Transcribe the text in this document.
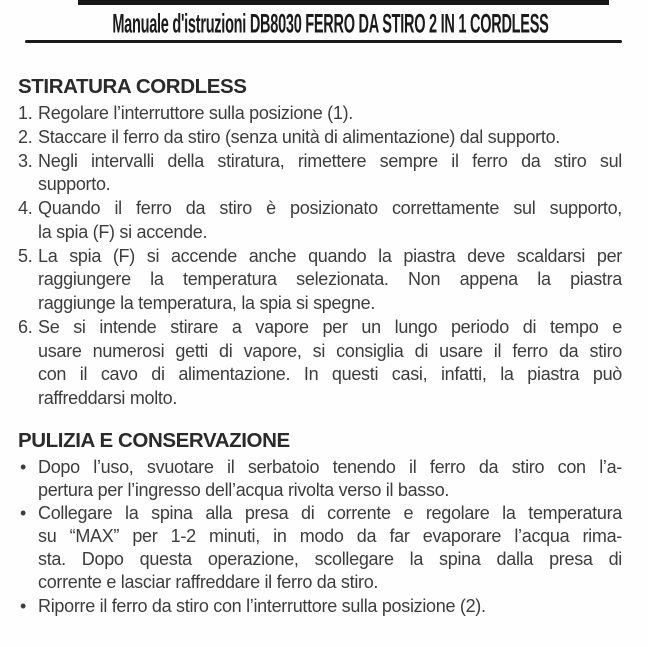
Manuale d'istruzioni DB8030 FERRO DA STIRO 2 IN 1 CORDLESS
STIRATURA CORDLESS
1. Regolare l’interruttore sulla posizione (1).
2. Staccare il ferro da stiro (senza unità di alimentazione) dal supporto.
3. Negli intervalli della stiratura, rimettere sempre il ferro da stiro sul
supporto.
4. Quando il ferro da stiro è posizionato correttamente sul supporto,
la spia (F) si accende.
5. La spia (F) si accende anche quando la piastra deve scaldarsi per
raggiungere la temperatura selezionata. Non appena la piastra
raggiunge la temperatura, la spia si spegne.
6. Se si intende stirare a vapore per un lungo periodo di tempo e
usare numerosi getti di vapore, si consiglia di usare il ferro da stiro
con il cavo di alimentazione. In questi casi, infatti, la piastra può
raffreddarsi molto.
PULIZIA E CONSERVAZIONE
• Dopo l’uso, svuotare il serbatoio tenendo il ferro da stiro con l’a-
pertura per l’ingresso dell’acqua rivolta verso il basso.
• Collegare la spina alla presa di corrente e regolare la temperatura
su “MAX” per 1-2 minuti, in modo da far evaporare l’acqua rima-
sta. Dopo questa operazione, scollegare la spina dalla presa di
corrente e lasciar raffreddare il ferro da stiro.
• Riporre il ferro da stiro con l’interruttore sulla posizione (2).
